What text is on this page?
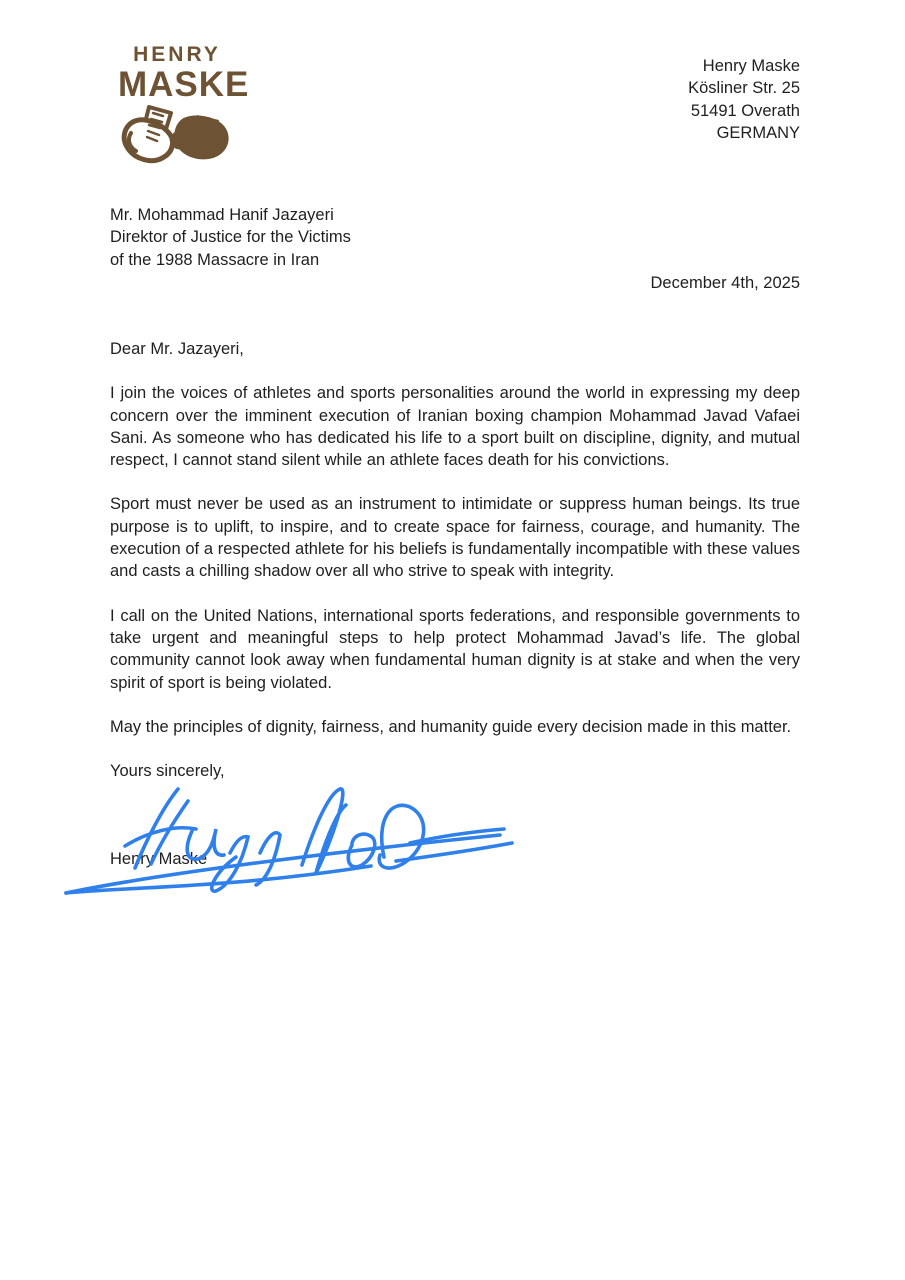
HENRY
MASKE	Henry Maske
Kösliner Str. 25
51491 Overath
GERMANY
Mr. Mohammad Hanif Jazayeri
Direktor of Justice for the Victims
of the 1988 Massacre in Iran
December 4th, 2025
Dear Mr. Jazayeri,

I join the voices of athletes and sports personalities around the world in expressing my deep concern over the imminent execution of Iranian boxing champion Mohammad Javad Vafaei Sani. As someone who has dedicated his life to a sport built on discipline, dignity, and mutual respect, I cannot stand silent while an athlete faces death for his convictions.

Sport must never be used as an instrument to intimidate or suppress human beings. Its true purpose is to uplift, to inspire, and to create space for fairness, courage, and humanity. The execution of a respected athlete for his beliefs is fundamentally incompatible with these values and casts a chilling shadow over all who strive to speak with integrity.

I call on the United Nations, international sports federations, and responsible governments to take urgent and meaningful steps to help protect Mohammad Javad’s life. The global community cannot look away when fundamental human dignity is at stake and when the very spirit of sport is being violated.

May the principles of dignity, fairness, and humanity guide every decision made in this matter.

Yours sincerely,
Henry Maske
